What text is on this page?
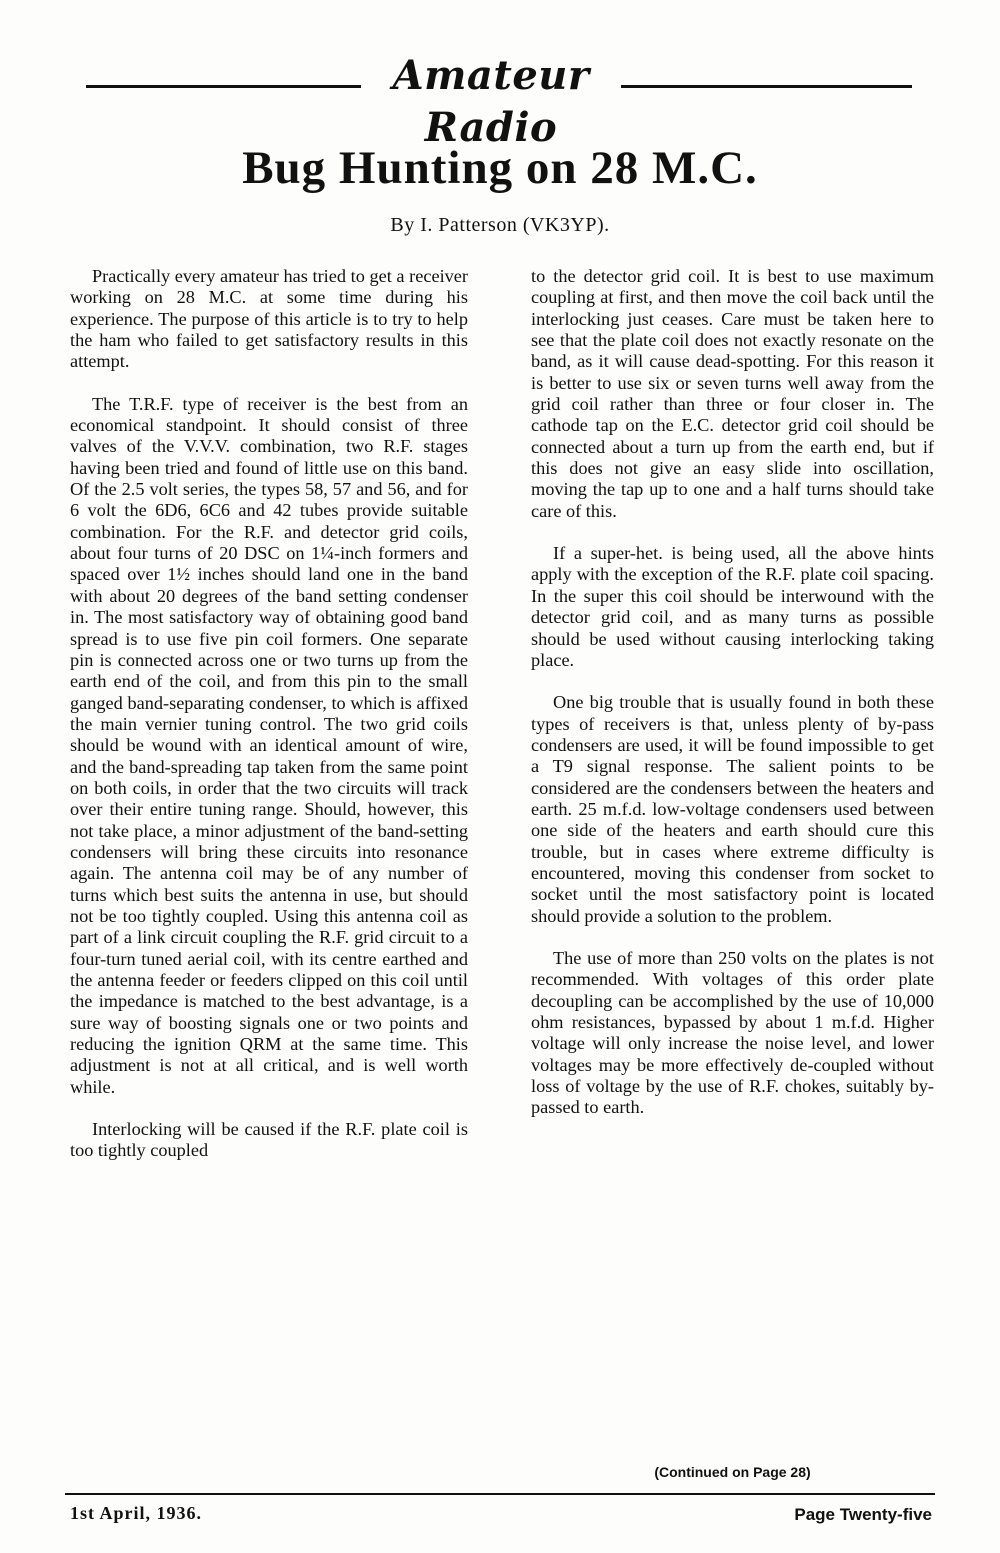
Amateur Radio
Bug Hunting on 28 M.C.
By I. Patterson (VK3YP).

Practically every amateur has tried to get a receiver working on 28 M.C. at some time during his experience. The purpose of this article is to try to help the ham who failed to get satisfactory results in this attempt.

The T.R.F. type of receiver is the best from an economical standpoint. It should consist of three valves of the V.V.V. combination, two R.F. stages having been tried and found of little use on this band. Of the 2.5 volt series, the types 58, 57 and 56, and for 6 volt the 6D6, 6C6 and 42 tubes provide suitable combination. For the R.F. and detector grid coils, about four turns of 20 DSC on 1¼-inch formers and spaced over 1½ inches should land one in the band with about 20 degrees of the band setting condenser in. The most satisfactory way of obtaining good band spread is to use five pin coil formers. One separate pin is connected across one or two turns up from the earth end of the coil, and from this pin to the small ganged band-separating condenser, to which is affixed the main vernier tuning control. The two grid coils should be wound with an identical amount of wire, and the band-spreading tap taken from the same point on both coils, in order that the two circuits will track over their entire tuning range. Should, however, this not take place, a minor adjustment of the band-setting condensers will bring these circuits into resonance again. The antenna coil may be of any number of turns which best suits the antenna in use, but should not be too tightly coupled. Using this antenna coil as part of a link circuit coupling the R.F. grid circuit to a four-turn tuned aerial coil, with its centre earthed and the antenna feeder or feeders clipped on this coil until the impedance is matched to the best advantage, is a sure way of boosting signals one or two points and reducing the ignition QRM at the same time. This adjustment is not at all critical, and is well worth while.

Interlocking will be caused if the R.F. plate coil is too tightly coupled

to the detector grid coil. It is best to use maximum coupling at first, and then move the coil back until the interlocking just ceases. Care must be taken here to see that the plate coil does not exactly resonate on the band, as it will cause dead-spotting. For this reason it is better to use six or seven turns well away from the grid coil rather than three or four closer in. The cathode tap on the E.C. detector grid coil should be connected about a turn up from the earth end, but if this does not give an easy slide into oscillation, moving the tap up to one and a half turns should take care of this.

If a super-het. is being used, all the above hints apply with the exception of the R.F. plate coil spacing. In the super this coil should be interwound with the detector grid coil, and as many turns as possible should be used without causing interlocking taking place.

One big trouble that is usually found in both these types of receivers is that, unless plenty of by-pass condensers are used, it will be found impossible to get a T9 signal response. The salient points to be considered are the condensers between the heaters and earth. 25 m.f.d. low-voltage condensers used between one side of the heaters and earth should cure this trouble, but in cases where extreme difficulty is encountered, moving this condenser from socket to socket until the most satisfactory point is located should provide a solution to the problem.

The use of more than 250 volts on the plates is not recommended. With voltages of this order plate decoupling can be accomplished by the use of 10,000 ohm resistances, bypassed by about 1 m.f.d. Higher voltage will only increase the noise level, and lower voltages may be more effectively de-coupled without loss of voltage by the use of R.F. chokes, suitably by-passed to earth.

(Continued on Page 28)
1st April, 1936.	Page Twenty-five
